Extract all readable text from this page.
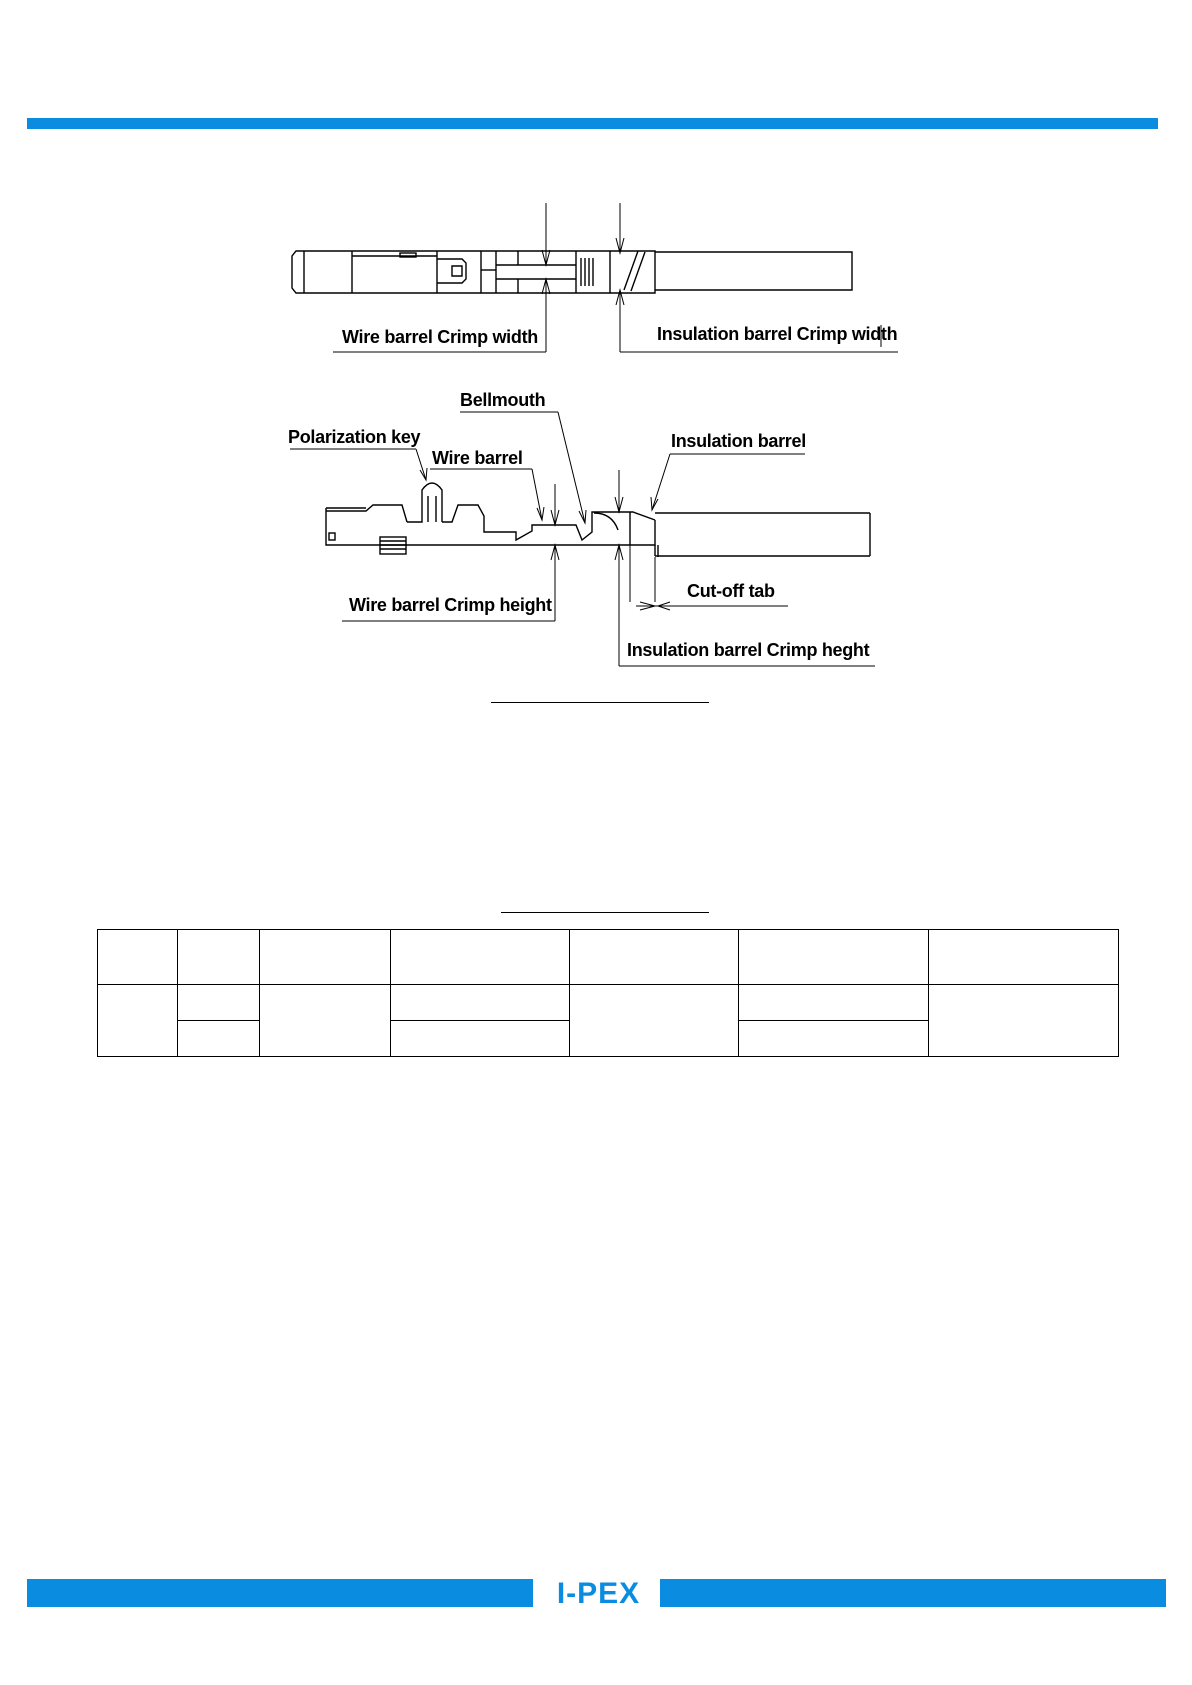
Wire barrel Crimp width	Insulation barrel Crimp width
Bellmouth
Polarization key
Wire barrel
Insulation barrel
Wire barrel Crimp height
Cut-off tab
Insulation barrel Crimp heght

I-PEX
